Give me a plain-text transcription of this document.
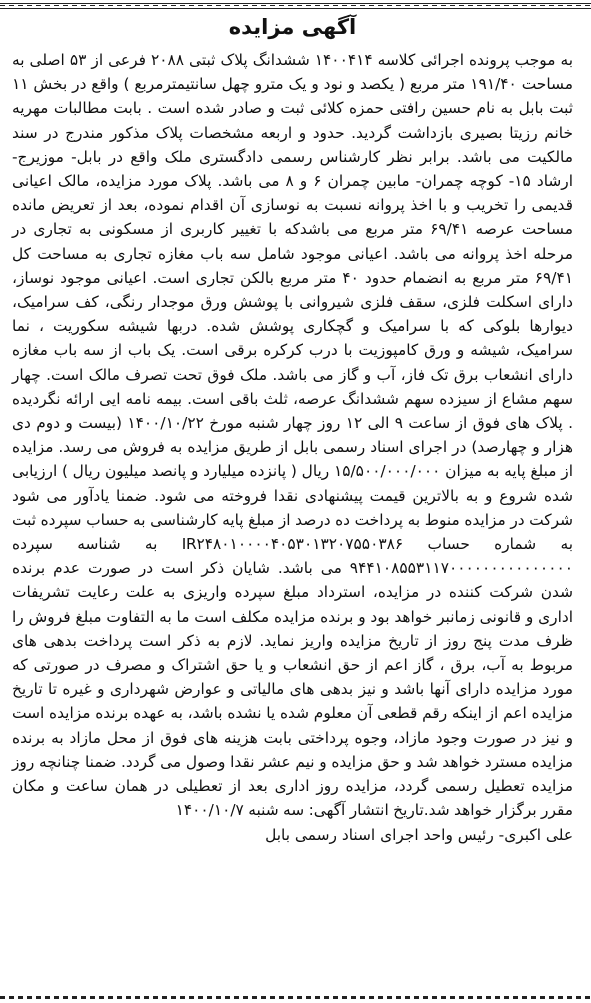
آگهی مزایده
به موجب پرونده اجرائی کلاسه ۱۴۰۰۴۱۴ ششدانگ پلاک ثبتی ۲۰۸۸ فرعی از ۵۳ اصلی به مساحت ۱۹۱/۴۰ متر مربع ( یکصد و نود و یک مترو چهل سانتیمترمربع ) واقع در بخش ۱۱ ثبت بابل به نام حسین رافتی حمزه کلائی ثبت و صادر شده است . بابت مطالبات مهریه خانم رزیتا بصیری بازداشت گردید. حدود و اربعه مشخصات پلاک مذکور مندرج در سند مالکیت می باشد. برابر نظر کارشناس رسمی دادگستری ملک واقع در بابل- موزیرج- ارشاد ۱۵- کوچه چمران- مابین چمران ۶ و ۸ می باشد. پلاک مورد مزایده، مالک اعیانی قدیمی را تخریب و با اخذ پروانه نسبت به نوسازی آن اقدام نموده، بعد از تعریض مانده مساحت عرصه ۶۹/۴۱ متر مربع می باشدکه با تغییر کاربری از مسکونی به تجاری در مرحله اخذ پروانه می باشد. اعیانی موجود شامل سه باب مغازه تجاری به مساحت کل ۶۹/۴۱ متر مربع به انضمام حدود ۴۰ متر مربع بالکن تجاری است. اعیانی موجود نوساز، دارای اسکلت فلزی، سقف فلزی شیروانی با پوشش ورق موجدار رنگی، کف سرامیک، دیوارها بلوکی که با سرامیک و گچکاری پوشش شده. دربها شیشه سکوریت ، نما سرامیک، شیشه و ورق کامپوزیت با درب کرکره برقی است. یک باب از سه باب مغازه دارای انشعاب برق تک فاز، آب و گاز می باشد. ملک فوق تحت تصرف مالک است. چهار سهم مشاع از سیزده سهم ششدانگ عرصه، ثلث باقی است. بیمه نامه ایی ارائه نگردیده . پلاک های فوق از ساعت ۹ الی ۱۲ روز چهار شنبه مورخ ۱۴۰۰/۱۰/۲۲ (بیست و دوم دی هزار و چهارصد) در اجرای اسناد رسمی بابل از طریق مزایده به فروش می رسد. مزایده از مبلغ پایه به میزان ۱۵/۵۰۰/۰۰۰/۰۰۰ ریال ( پانزده میلیارد و پانصد میلیون ریال ) ارزیابی شده شروع و به بالاترین قیمت پیشنهادی نقدا فروخته می شود. ضمنا یادآور می شود شرکت در مزایده منوط به پرداخت ده درصد از مبلغ پایه کارشناسی به حساب سپرده ثبت به شماره حساب IR۲۴۸۰۱۰۰۰۰۴۰۵۳۰۱۳۲۰۷۵۵۰۳۸۶ به شناسه سپرده ۹۴۴۱۰۸۵۵۳۱۱۷۰۰۰۰۰۰۰۰۰۰۰۰۰۰۰ می باشد. شایان ذکر است در صورت عدم برنده شدن شرکت کننده در مزایده، استرداد مبلغ سپرده واریزی به علت رعایت تشریفات اداری و قانونی زمانبر خواهد بود و برنده مزایده مکلف است ما به التفاوت مبلغ فروش را ظرف مدت پنج روز از تاریخ مزایده واریز نماید. لازم به ذکر است پرداخت بدهی های مربوط به آب، برق ، گاز اعم از حق انشعاب و یا حق اشتراک و مصرف در صورتی که مورد مزایده دارای آنها باشد و نیز بدهی های مالیاتی و عوارض شهرداری و غیره تا تاریخ مزایده اعم از اینکه رقم قطعی آن معلوم شده یا نشده باشد، به عهده برنده مزایده است و نیز در صورت وجود مازاد، وجوه پرداختی بابت هزینه های فوق از محل مازاد به برنده مزایده مسترد خواهد شد و حق مزایده و نیم عشر نقدا وصول می گردد. ضمنا چنانچه روز مزایده تعطیل رسمی گردد، مزایده روز اداری بعد از تعطیلی در همان ساعت و مکان مقرر برگزار خواهد شد.تاریخ انتشار آگهی: سه شنبه ۱۴۰۰/۱۰/۷
علی اکبری- رئیس واحد اجرای اسناد رسمی بابل
